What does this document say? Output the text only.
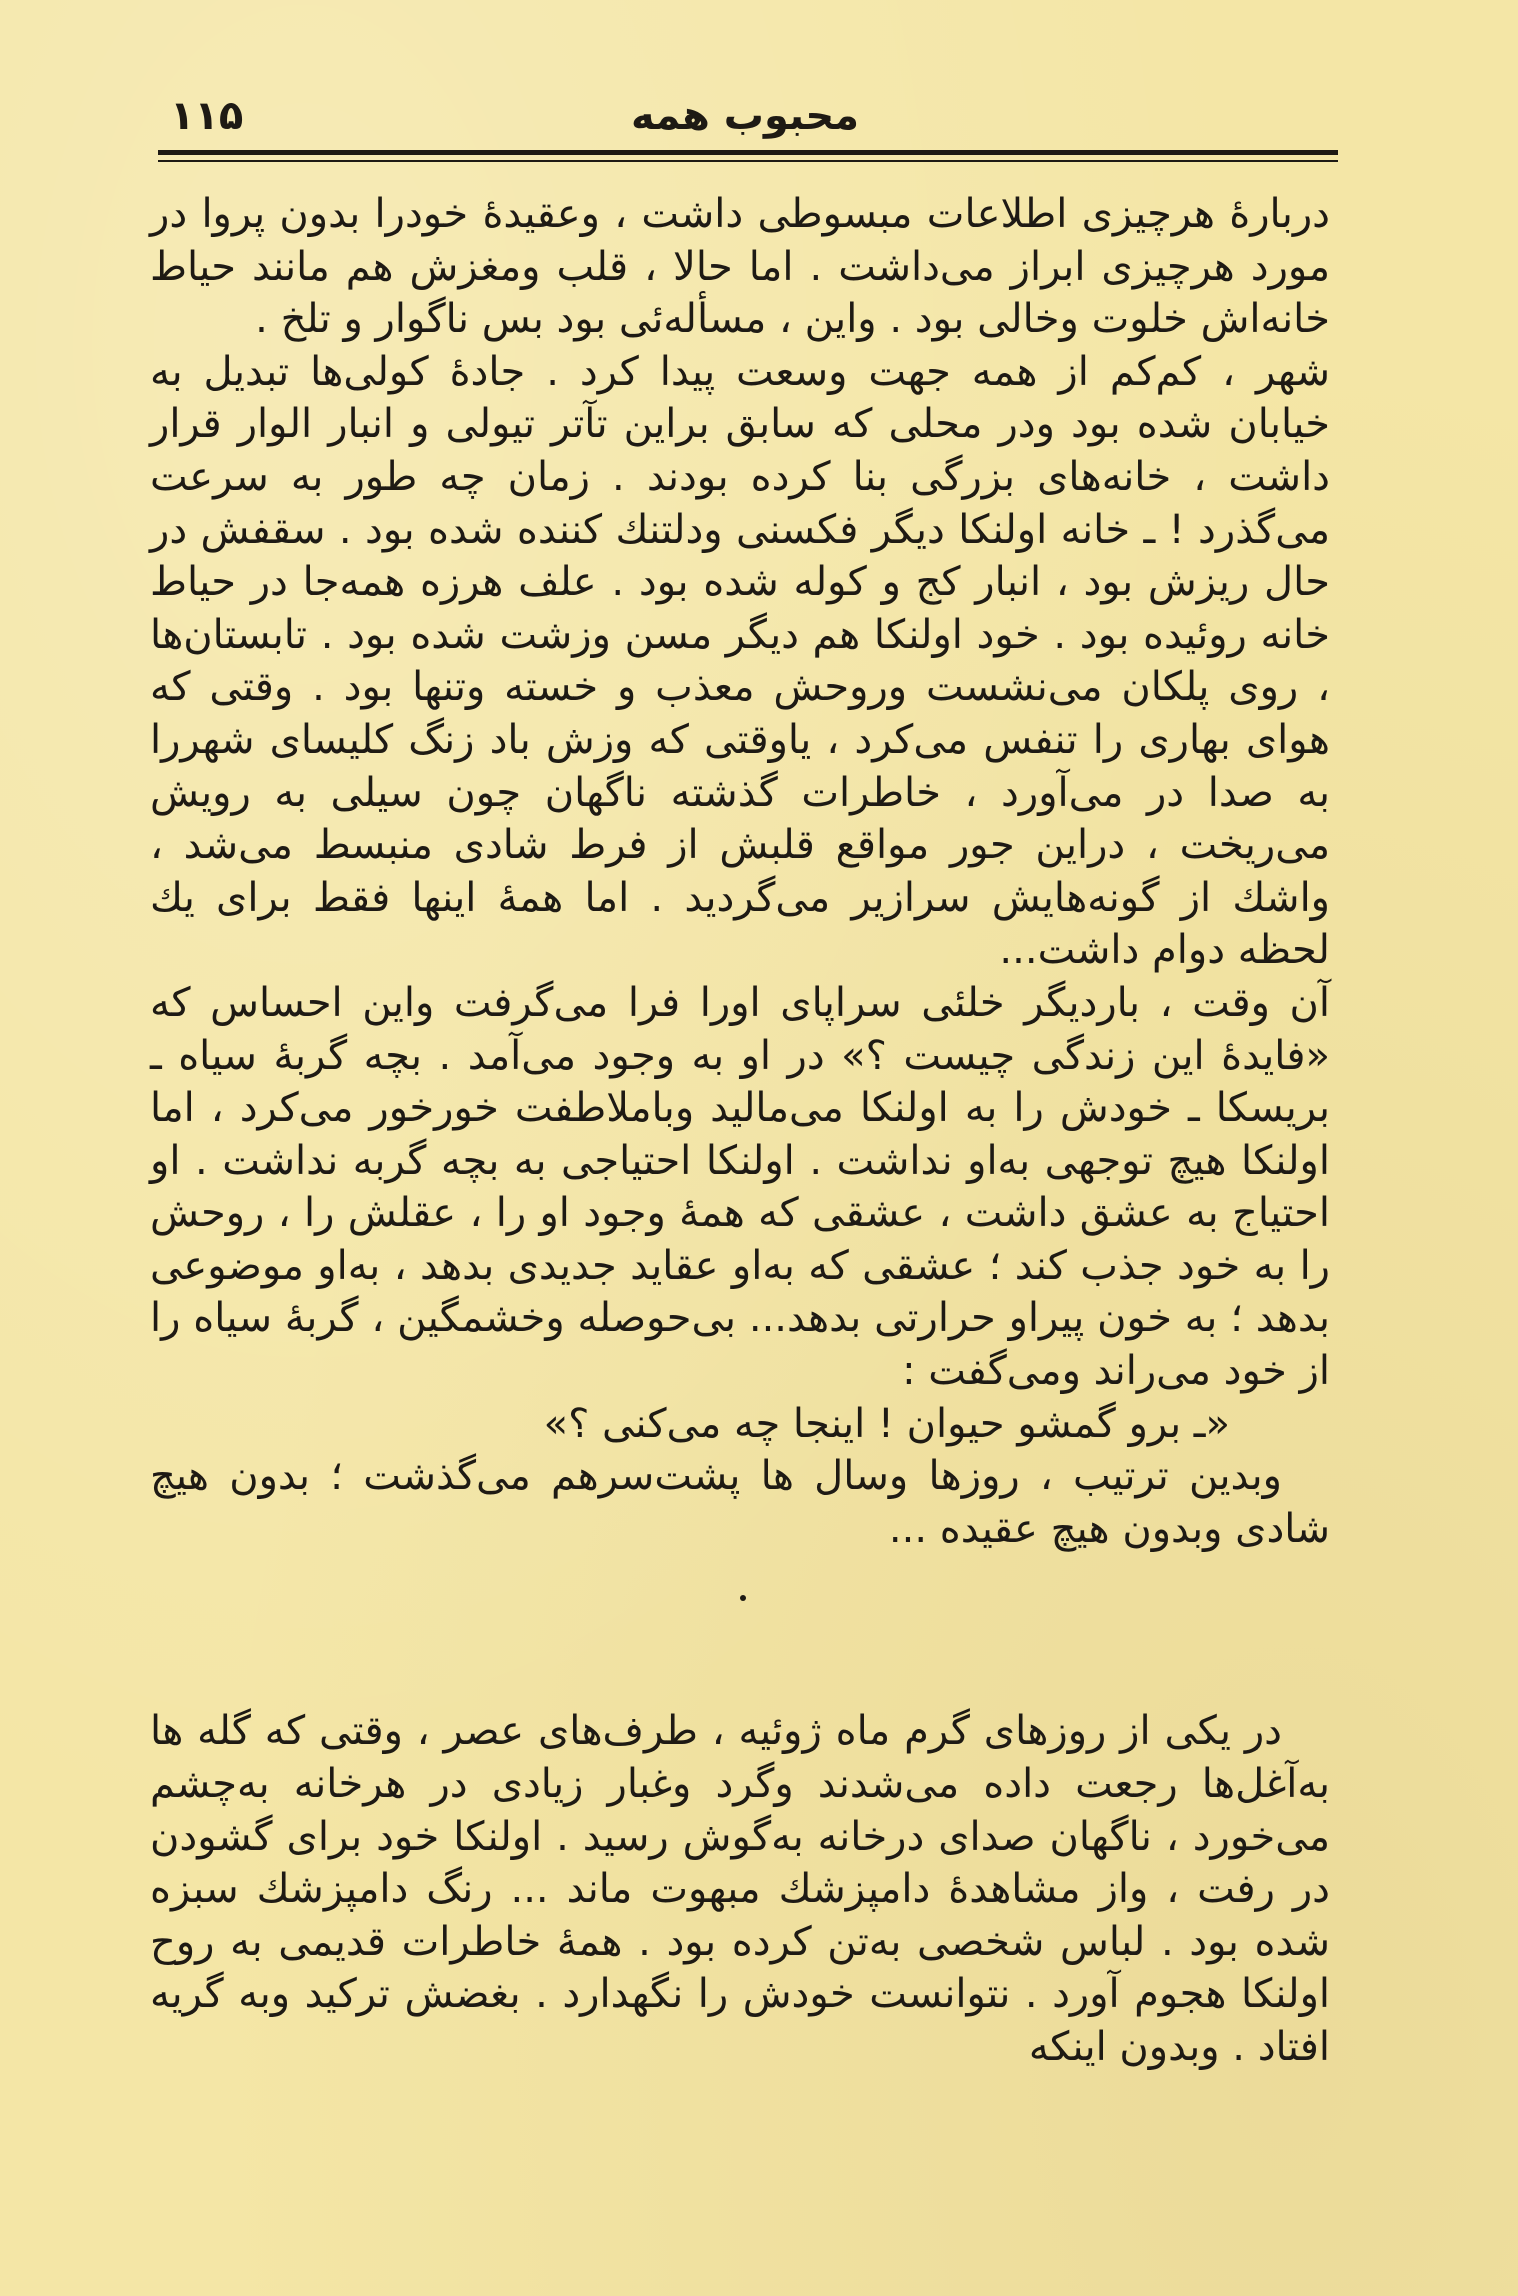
محبوب همه
۱۱۵

دربارهٔ هرچیزی اطلاعات مبسوطی داشت ، وعقیدهٔ خودرا بدون پروا در مورد هرچیزی ابراز می‌داشت . اما حالا ، قلب ومغزش هم مانند حیاط خانه‌اش خلوت وخالی بود . واین ، مسأله‌ئی بود بس ناگوار و تلخ .

شهر ، کم‌کم از همه جهت وسعت پیدا کرد . جادهٔ کولی‌ها تبدیل به خیابان شده بود ودر محلی که سابق براین تآتر تیولی و انبار الوار قرار داشت ، خانه‌های بزرگی بنا کرده بودند . زمان چه طور به سرعت می‌گذرد ! ـ خانه اولنکا دیگر فکسنی ودلتنك کننده شده بود . سقفش در حال ریزش بود ، انبار کج و کوله شده بود . علف هرزه همه‌جا در حیاط خانه روئیده بود . خود اولنکا هم دیگر مسن وزشت شده بود . تابستان‌ها ، روی پلکان می‌نشست وروحش معذب و خسته وتنها بود . وقتی که هوای بهاری را تنفس می‌کرد ، یاوقتی که وزش باد زنگ کلیسای شهررا به صدا در می‌آورد ، خاطرات گذشته ناگهان چون سیلی به رویش می‌ریخت ، دراین جور مواقع قلبش از فرط شادی منبسط می‌شد ، واشك از گونه‌هایش سرازیر می‌گردید . اما همهٔ اینها فقط برای یك لحظه دوام داشت...

آن وقت ، باردیگر خلئی سراپای اورا فرا می‌گرفت واین احساس که «فایدهٔ این زندگی چیست ؟» در او به وجود می‌آمد . بچه گربهٔ سیاه ـ بریسکا ـ خودش را به اولنکا می‌مالید وباملاطفت خورخور می‌کرد ، اما اولنکا هیچ توجهی به‌او نداشت . اولنکا احتیاجی به بچه گربه نداشت . او احتیاج به عشق داشت ، عشقی که همهٔ وجود او را ، عقلش را ، روحش را به خود جذب کند ؛ عشقی که به‌او عقاید جدیدی بدهد ، به‌او موضوعی بدهد ؛ به خون پیراو حرارتی بدهد... بی‌حوصله وخشمگین ، گربهٔ سیاه را از خود می‌راند ومی‌گفت :

«ـ برو گمشو حیوان ! اینجا چه می‌کنی ؟»

وبدین ترتیب ، روزها وسال ها پشت‌سرهم می‌گذشت ؛ بدون هیچ شادی وبدون هیچ عقیده ...

در یکی از روزهای گرم ماه ژوئیه ، طرف‌های عصر ، وقتی که گله ها به‌آغل‌ها رجعت داده می‌شدند وگرد وغبار زیادی در هرخانه به‌چشم می‌خورد ، ناگهان صدای درخانه به‌گوش رسید . اولنکا خود برای گشودن در رفت ، واز مشاهدهٔ دامپزشك مبهوت ماند ... رنگ دامپزشك سبزه شده بود . لباس شخصی به‌تن کرده بود . همهٔ خاطرات قدیمی به روح اولنکا هجوم آورد . نتوانست خودش را نگهدارد . بغضش ترکید وبه گریه افتاد . وبدون اینکه
